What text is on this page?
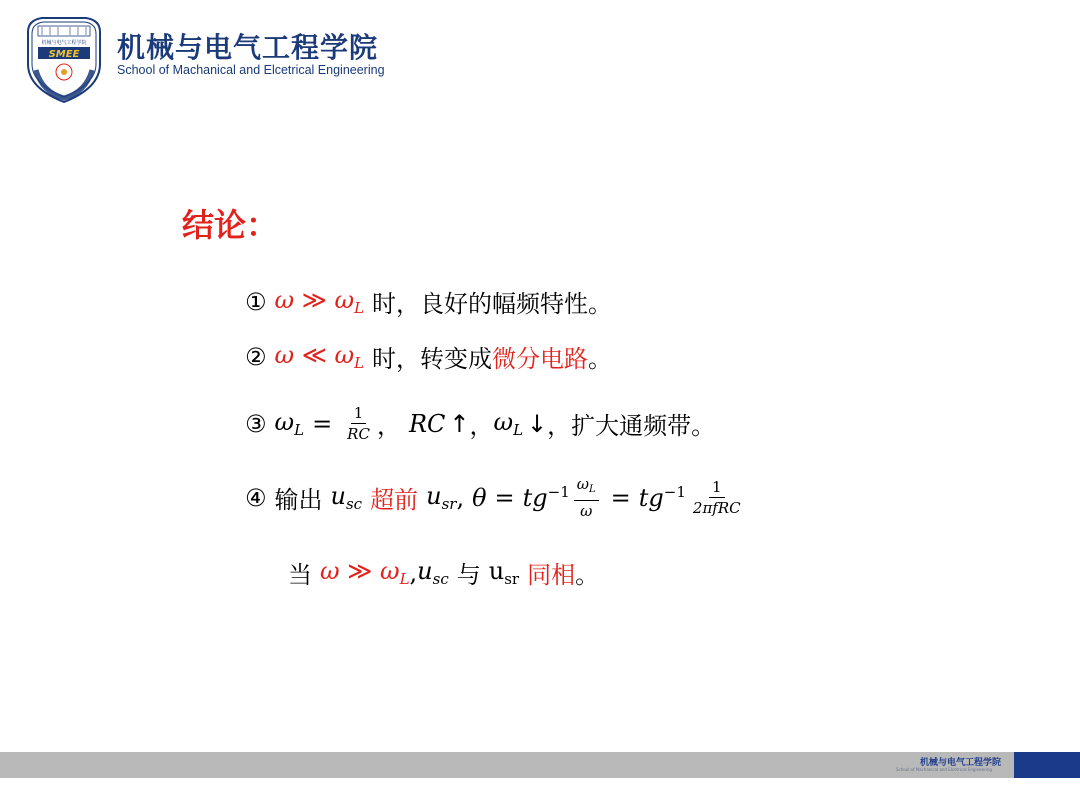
机械与电气工程学院
SMEE 机械与电气工程学院
School of Machanical and Elcetrical Engineering
结论：
① ω ≫ $\omega_L$ 时，良好的幅频特性。
② ω ≪ $\omega_L$ 时，转变成 微分电路 。
③ $\omega_L = \frac{1}{RC}$ ， RC ↑ ， $\omega_L$ ↓ ，扩大通频带。
④ 输出 $u_{sc}$ 超前 $u_{sr}$ , $\theta = tg^{-1} \frac{\omega_L}{\omega} = tg^{-1} \frac{1}{\text{2πfRC}}$
当 ω ≫ $\omega_L$ , $u_{sc}$ 与 $u_{sr}$ 同相 。
机械与电气工程学院
School of Machanical and Elcetrical Engineering
